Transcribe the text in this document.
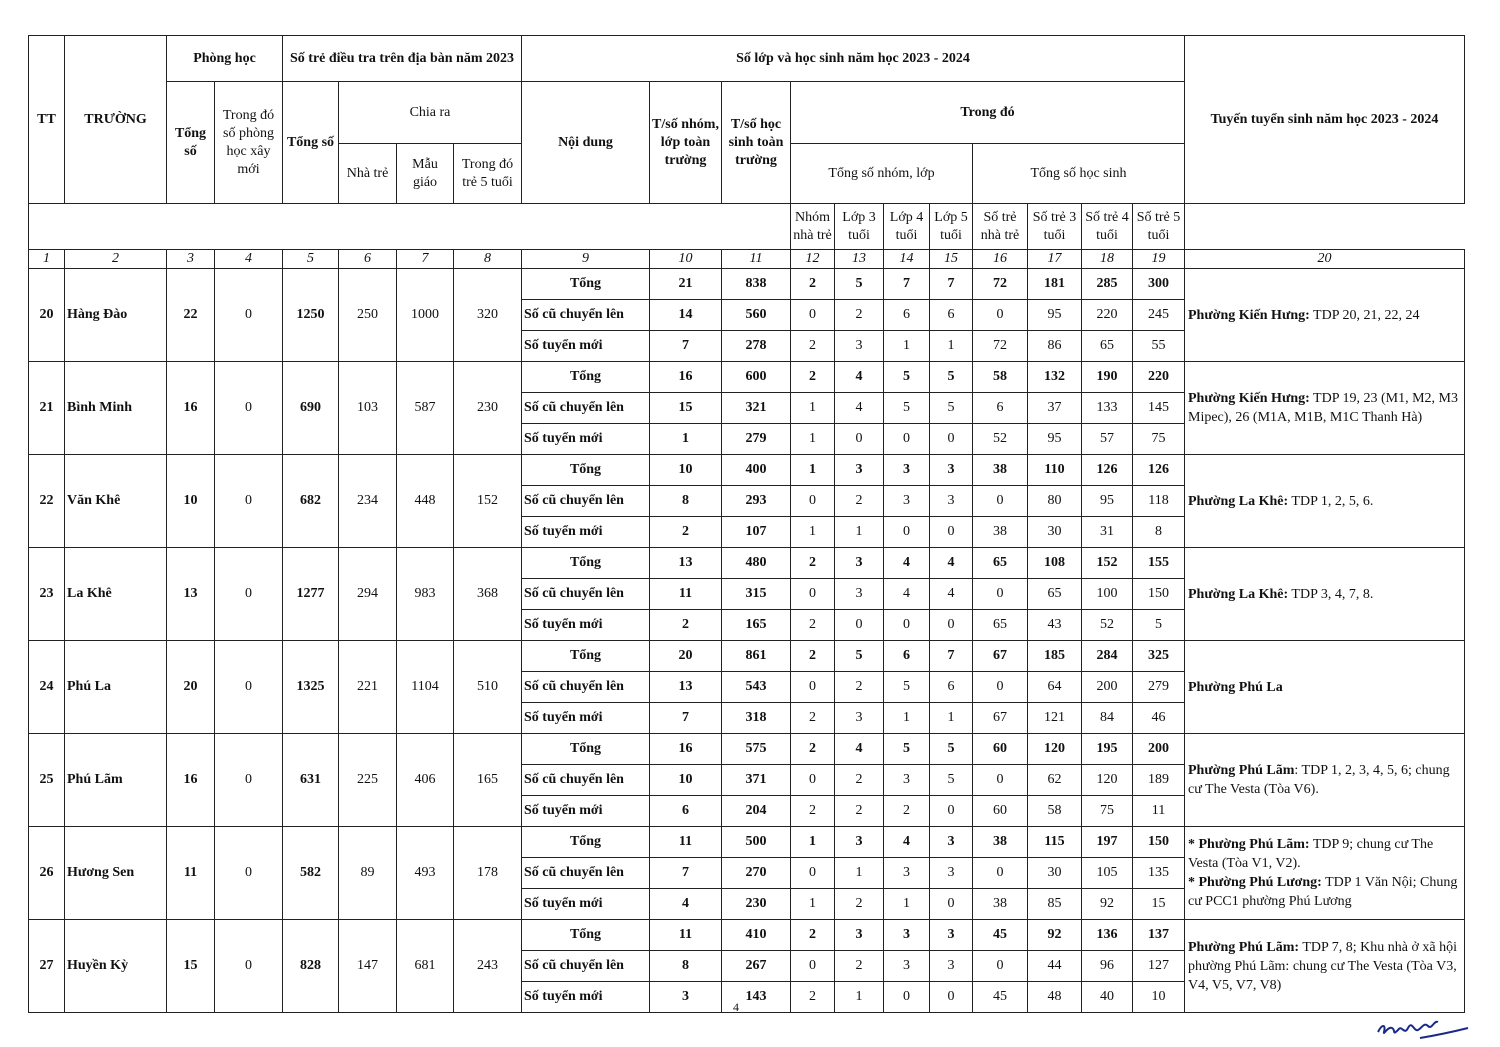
TT	TRƯỜNG	Phòng học		Số trẻ điều tra trên địa bàn năm 2023				Số lớp và học sinh năm học 2023 - 2024											Tuyến tuyển sinh năm học 2023 - 2024
		Tổng số	Trong đó số phòng học xây mới	Tổng số	Chia ra			Nội dung	T/số nhóm, lớp toàn trường	T/số học sinh toàn trường	Trong đó								
					Nhà trẻ	Mẫu giáo	Trong đó trẻ 5 tuổi				Tổng số nhóm, lớp				Tổng số học sinh				
											Nhóm nhà trẻ	Lớp 3 tuổi	Lớp 4 tuổi	Lớp 5 tuổi	Số trẻ nhà trẻ	Số trẻ 3 tuổi	Số trẻ 4 tuổi	Số trẻ 5 tuổi	
1	2	3	4	5	6	7	8	9	10	11	12	13	14	15	16	17	18	19	20
20	Hàng Đào	22	0	1250	250	1000	320	Tổng	21	838	2	5	7	7	72	181	285	300	Phường Kiến Hưng: TDP 20, 21, 22, 24
								Số cũ chuyển lên	14	560	0	2	6	6	0	95	220	245	
								Số tuyển mới	7	278	2	3	1	1	72	86	65	55	
21	Bình Minh	16	0	690	103	587	230	Tổng	16	600	2	4	5	5	58	132	190	220	Phường Kiến Hưng: TDP 19, 23 (M1, M2, M3 Mipec), 26 (M1A, M1B, M1C Thanh Hà)
								Số cũ chuyển lên	15	321	1	4	5	5	6	37	133	145	
								Số tuyển mới	1	279	1	0	0	0	52	95	57	75	
22	Văn Khê	10	0	682	234	448	152	Tổng	10	400	1	3	3	3	38	110	126	126	Phường La Khê: TDP 1, 2, 5, 6.
								Số cũ chuyển lên	8	293	0	2	3	3	0	80	95	118	
								Số tuyển mới	2	107	1	1	0	0	38	30	31	8	
23	La Khê	13	0	1277	294	983	368	Tổng	13	480	2	3	4	4	65	108	152	155	Phường La Khê: TDP 3, 4, 7, 8.
								Số cũ chuyển lên	11	315	0	3	4	4	0	65	100	150	
								Số tuyển mới	2	165	2	0	0	0	65	43	52	5	
24	Phú La	20	0	1325	221	1104	510	Tổng	20	861	2	5	6	7	67	185	284	325	Phường Phú La
								Số cũ chuyển lên	13	543	0	2	5	6	0	64	200	279	
								Số tuyển mới	7	318	2	3	1	1	67	121	84	46	
25	Phú Lãm	16	0	631	225	406	165	Tổng	16	575	2	4	5	5	60	120	195	200	Phường Phú Lãm: TDP 1, 2, 3, 4, 5, 6; chung cư The Vesta (Tòa V6).
								Số cũ chuyển lên	10	371	0	2	3	5	0	62	120	189	
								Số tuyển mới	6	204	2	2	2	0	60	58	75	11	
26	Hương Sen	11	0	582	89	493	178	Tổng	11	500	1	3	4	3	38	115	197	150	* Phường Phú Lãm: TDP 9; chung cư The Vesta (Tòa V1, V2).
* Phường Phú Lương: TDP 1 Văn Nội; Chung cư PCC1 phường Phú Lương
								Số cũ chuyển lên	7	270	0	1	3	3	0	30	105	135	
								Số tuyển mới	4	230	1	2	1	0	38	85	92	15	
27	Huyền Kỳ	15	0	828	147	681	243	Tổng	11	410	2	3	3	3	45	92	136	137	Phường Phú Lãm: TDP 7, 8; Khu nhà ở xã hội phường Phú Lãm: chung cư The Vesta (Tòa V3, V4, V5, V7, V8)
								Số cũ chuyển lên	8	267	0	2	3	3	0	44	96	127	
								Số tuyển mới	3	143	2	1	0	0	45	48	40	10	
4
